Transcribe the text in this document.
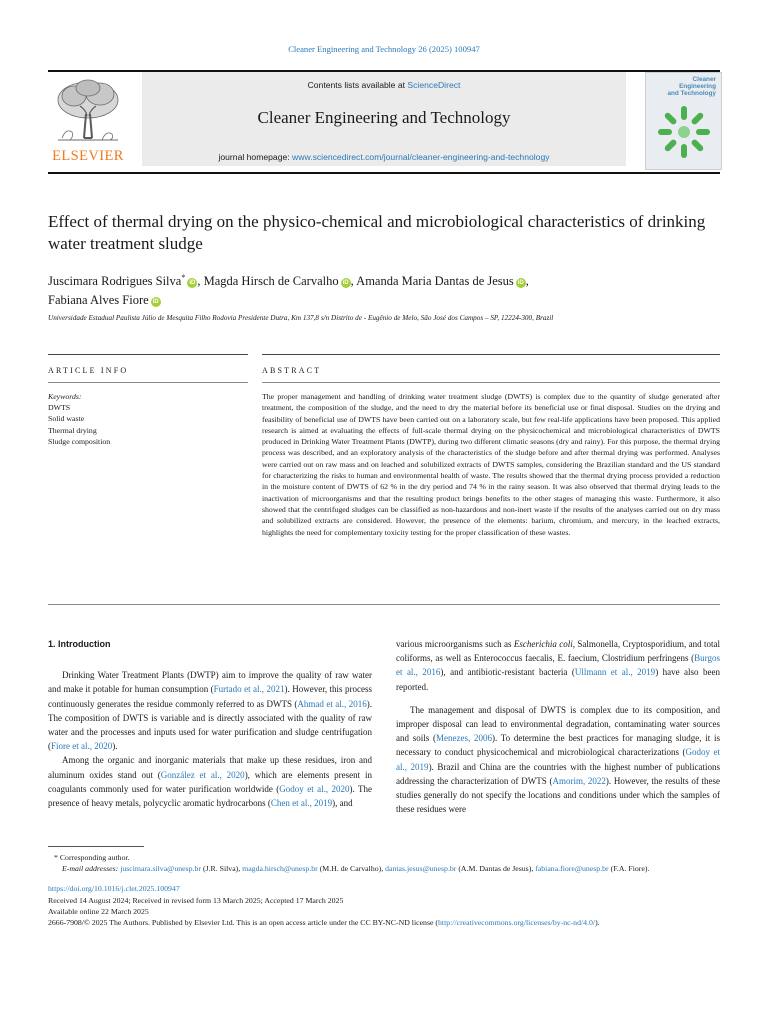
Cleaner Engineering and Technology 26 (2025) 100947
ELSEVIER
Contents lists available at ScienceDirect
Cleaner Engineering and Technology
journal homepage: www.sciencedirect.com/journal/cleaner-engineering-and-technology
Cleaner
Engineering
and Technology
Effect of thermal drying on the physico-chemical and microbiological characteristics of drinking water treatment sludge
Juscimara Rodrigues Silva*iD , Magda Hirsch de Carvalho iD , Amanda Maria Dantas de Jesus iD ,
Fabiana Alves Fiore iD
Universidade Estadual Paulista Júlio de Mesquita Filho Rodovia Presidente Dutra, Km 137,8 s/n Distrito de - Eugênio de Melo, São José dos Campos – SP, 12224-300, Brazil
ARTICLE INFO	ABSTRACT
Keywords:
DWTS
Solid waste
Thermal drying
Sludge composition
The proper management and handling of drinking water treatment sludge (DWTS) is complex due to the quantity of sludge generated after treatment, the composition of the sludge, and the need to dry the material before its beneficial use or final disposal. Studies on the drying and feasibility of beneficial use of DWTS have been carried out on a laboratory scale, but few real-life applications have been proposed. This applied research is aimed at evaluating the effects of full-scale thermal drying on the physicochemical and microbiological characteristics of DWTS produced in Drinking Water Treatment Plants (DWTP), during two different climatic seasons (dry and rainy). For this purpose, the thermal drying process was described, and an exploratory analysis of the characteristics of the sludge before and after thermal drying was performed. Analyses were carried out on raw mass and on leached and solubilized extracts of DWTS samples, considering the Brazilian standard and the US standard for characterizing the risks to human and environmental health of waste. The results showed that the thermal drying process provided a reduction in the moisture content of DWTS of 62 % in the dry period and 74 % in the rainy season. It was also observed that thermal drying leads to the inactivation of microorganisms and that the resulting product brings benefits to the other stages of managing this waste. Furthermore, it also showed that the centrifuged sludges can be classified as non-hazardous and non-inert waste if the results of the analyses carried out on dry mass and solubilized extracts are considered. However, the presence of the elements: barium, chromium, and mercury, in the leached extracts, highlights the need for complementary toxicity testing for the proper classification of these wastes.

1. Introduction

Drinking Water Treatment Plants (DWTP) aim to improve the quality of raw water and make it potable for human consumption (Furtado et al., 2021). However, this process continuously generates the residue commonly referred to as DWTS (Ahmad et al., 2016). The composition of DWTS is variable and is directly associated with the quality of raw water and the processes and inputs used for water purification and sludge centrifugation (Fiore et al., 2020).

Among the organic and inorganic materials that make up these residues, iron and aluminum oxides stand out (González et al., 2020), which are elements present in coagulants commonly used for water purification worldwide (Godoy et al., 2020). The presence of heavy metals, polycyclic aromatic hydrocarbons (Chen et al., 2019), and

various microorganisms such as Escherichia coli, Salmonella, Cryptosporidium, and total coliforms, as well as Enterococcus faecalis, E. faecium, Clostridium perfringens (Burgos et al., 2016), and antibiotic-resistant bacteria (Ullmann et al., 2019) have also been reported.

The management and disposal of DWTS is complex due to its composition, and improper disposal can lead to environmental degradation, contaminating water sources and soils (Menezes, 2006). To determine the best practices for managing sludge, it is necessary to conduct physicochemical and microbiological characterizations (Godoy et al., 2019). Brazil and China are the countries with the highest number of publications addressing the characterization of DWTS (Amorim, 2022). However, the results of these studies generally do not specify the locations and conditions under which the samples of these residues were

* Corresponding author.

E-mail addresses: juscimara.silva@unesp.br (J.R. Silva), magda.hirsch@unesp.br (M.H. de Carvalho), dantas.jesus@unesp.br (A.M. Dantas de Jesus), fabiana.fiore@unesp.br (F.A. Fiore).

https://doi.org/10.1016/j.clet.2025.100947

Received 14 August 2024; Received in revised form 13 March 2025; Accepted 17 March 2025

Available online 22 March 2025

2666-7908/© 2025 The Authors. Published by Elsevier Ltd. This is an open access article under the CC BY-NC-ND license (http://creativecommons.org/licenses/by-nc-nd/4.0/).
